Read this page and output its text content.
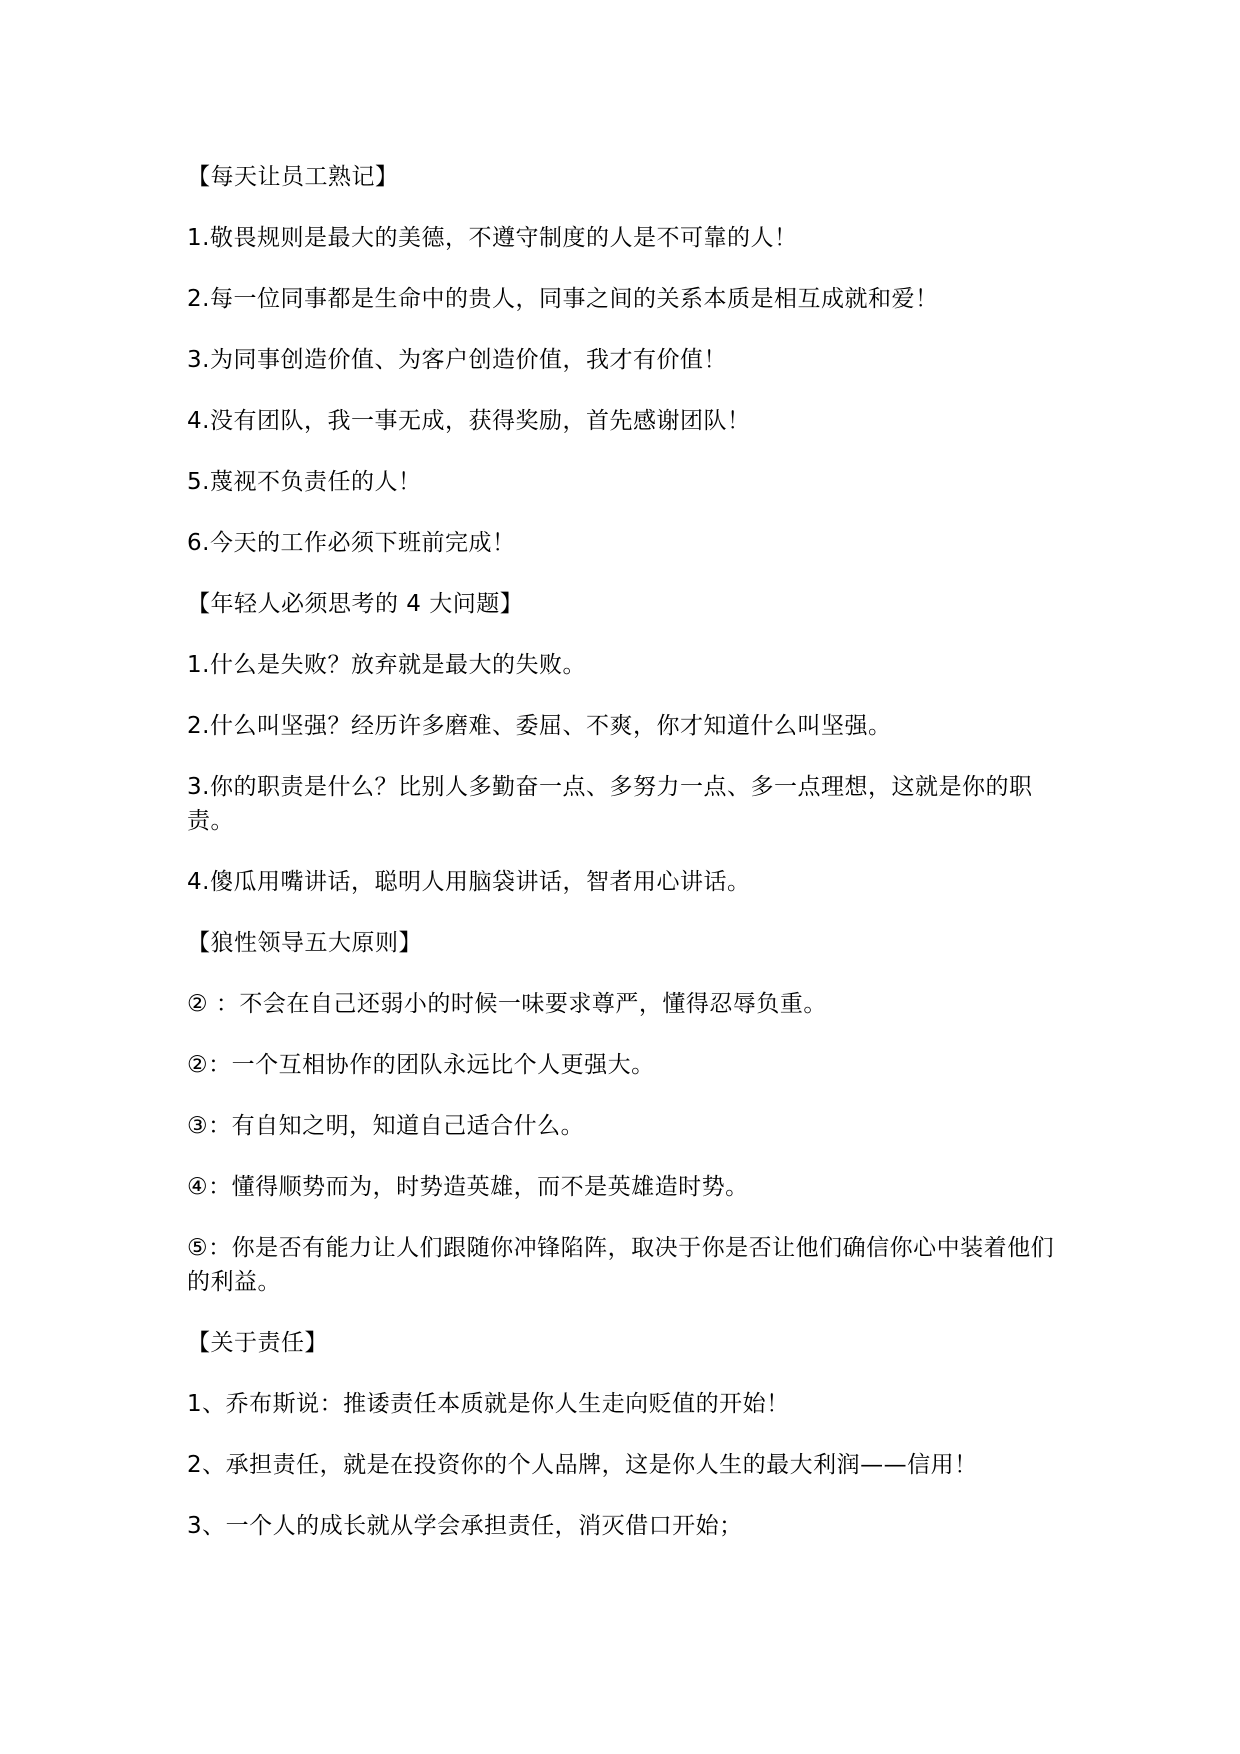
【每天让员工熟记】
1.敬畏规则是最大的美德，不遵守制度的人是不可靠的人！
2.每一位同事都是生命中的贵人，同事之间的关系本质是相互成就和爱！
3.为同事创造价值、为客户创造价值，我才有价值！
4.没有团队，我一事无成，获得奖励，首先感谢团队！
5.蔑视不负责任的人！
6.今天的工作必须下班前完成！
【年轻人必须思考的 4 大问题】
1.什么是失败？放弃就是最大的失败。
2.什么叫坚强？经历许多磨难、委屈、不爽，你才知道什么叫坚强。
3.你的职责是什么？比别人多勤奋一点、多努力一点、多一点理想，这就是你的职责。
4.傻瓜用嘴讲话，聪明人用脑袋讲话，智者用心讲话。
【狼性领导五大原则】
② ：不会在自己还弱小的时候一味要求尊严，懂得忍辱负重。
②：一个互相协作的团队永远比个人更强大。
③：有自知之明，知道自己适合什么。
④：懂得顺势而为，时势造英雄，而不是英雄造时势。
⑤：你是否有能力让人们跟随你冲锋陷阵，取决于你是否让他们确信你心中装着他们的利益。
【关于责任】
1、乔布斯说：推诿责任本质就是你人生走向贬值的开始！
2、承担责任，就是在投资你的个人品牌，这是你人生的最大利润——信用！
3、一个人的成长就从学会承担责任，消灭借口开始；
